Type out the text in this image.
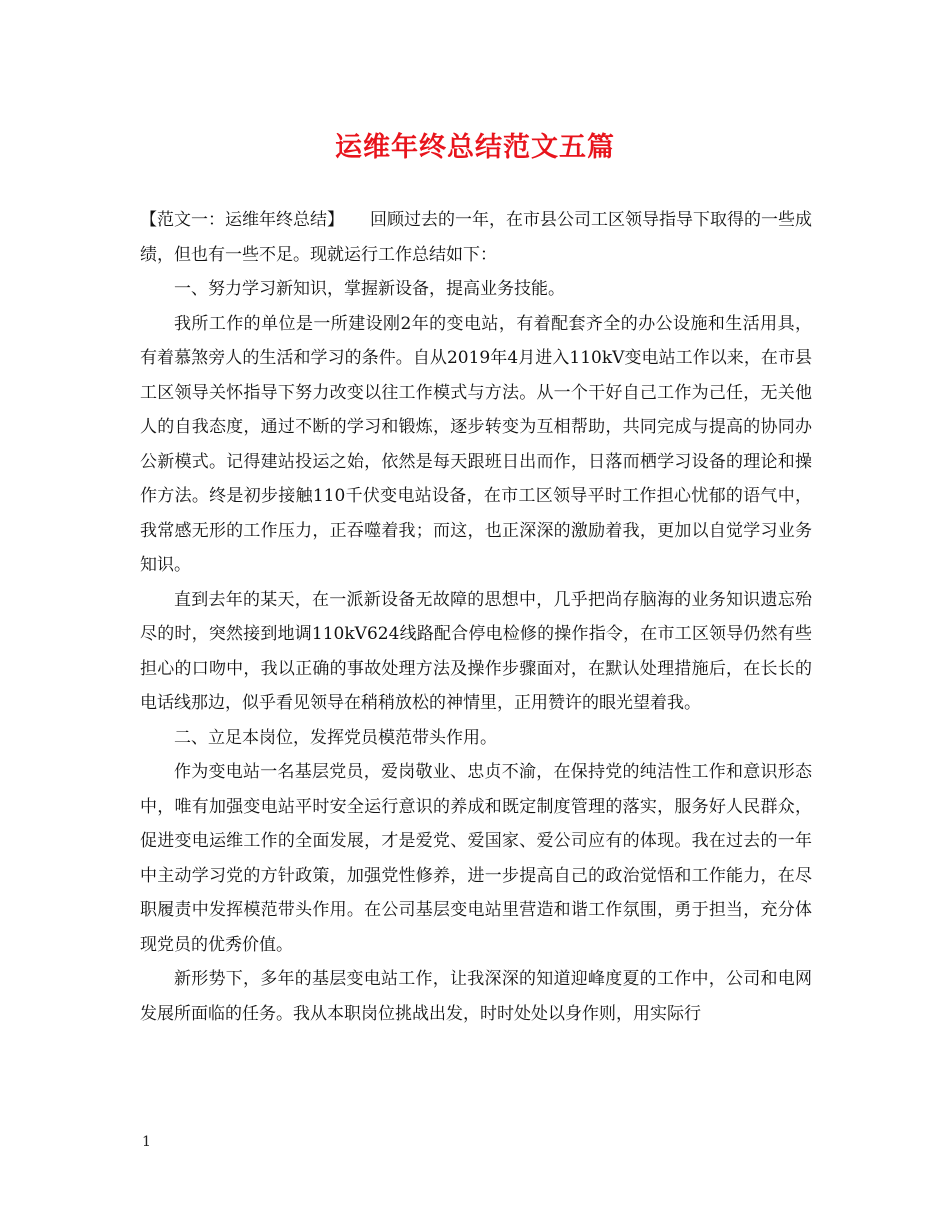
运维年终总结范文五篇

【范文一：运维年终总结】 回顾过去的一年，在市县公司工区领导指导下取得的一些成绩，但也有一些不足。现就运行工作总结如下：

一、努力学习新知识，掌握新设备，提高业务技能。

我所工作的单位是一所建设刚2年的变电站，有着配套齐全的办公设施和生活用具，有着慕煞旁人的生活和学习的条件。自从2019年4月进入110kV变电站工作以来，在市县工区领导关怀指导下努力改变以往工作模式与方法。从一个干好自己工作为己任，无关他人的自我态度，通过不断的学习和锻炼，逐步转变为互相帮助，共同完成与提高的协同办公新模式。记得建站投运之始，依然是每天跟班日出而作，日落而栖学习设备的理论和操作方法。终是初步接触110千伏变电站设备，在市工区领导平时工作担心忧郁的语气中，我常感无形的工作压力，正吞噬着我；而这，也正深深的激励着我，更加以自觉学习业务知识。

直到去年的某天，在一派新设备无故障的思想中，几乎把尚存脑海的业务知识遗忘殆尽的时，突然接到地调110kV624线路配合停电检修的操作指令，在市工区领导仍然有些担心的口吻中，我以正确的事故处理方法及操作步骤面对，在默认处理措施后，在长长的电话线那边，似乎看见领导在稍稍放松的神情里，正用赞许的眼光望着我。

二、立足本岗位，发挥党员模范带头作用。

作为变电站一名基层党员，爱岗敬业、忠贞不渝，在保持党的纯洁性工作和意识形态中，唯有加强变电站平时安全运行意识的养成和既定制度管理的落实，服务好人民群众，促进变电运维工作的全面发展，才是爱党、爱国家、爱公司应有的体现。我在过去的一年中主动学习党的方针政策，加强党性修养，进一步提高自己的政治觉悟和工作能力，在尽职履责中发挥模范带头作用。在公司基层变电站里营造和谐工作氛围，勇于担当，充分体现党员的优秀价值。

新形势下，多年的基层变电站工作，让我深深的知道迎峰度夏的工作中，公司和电网发展所面临的任务。我从本职岗位挑战出发，时时处处以身作则，用实际行

1
